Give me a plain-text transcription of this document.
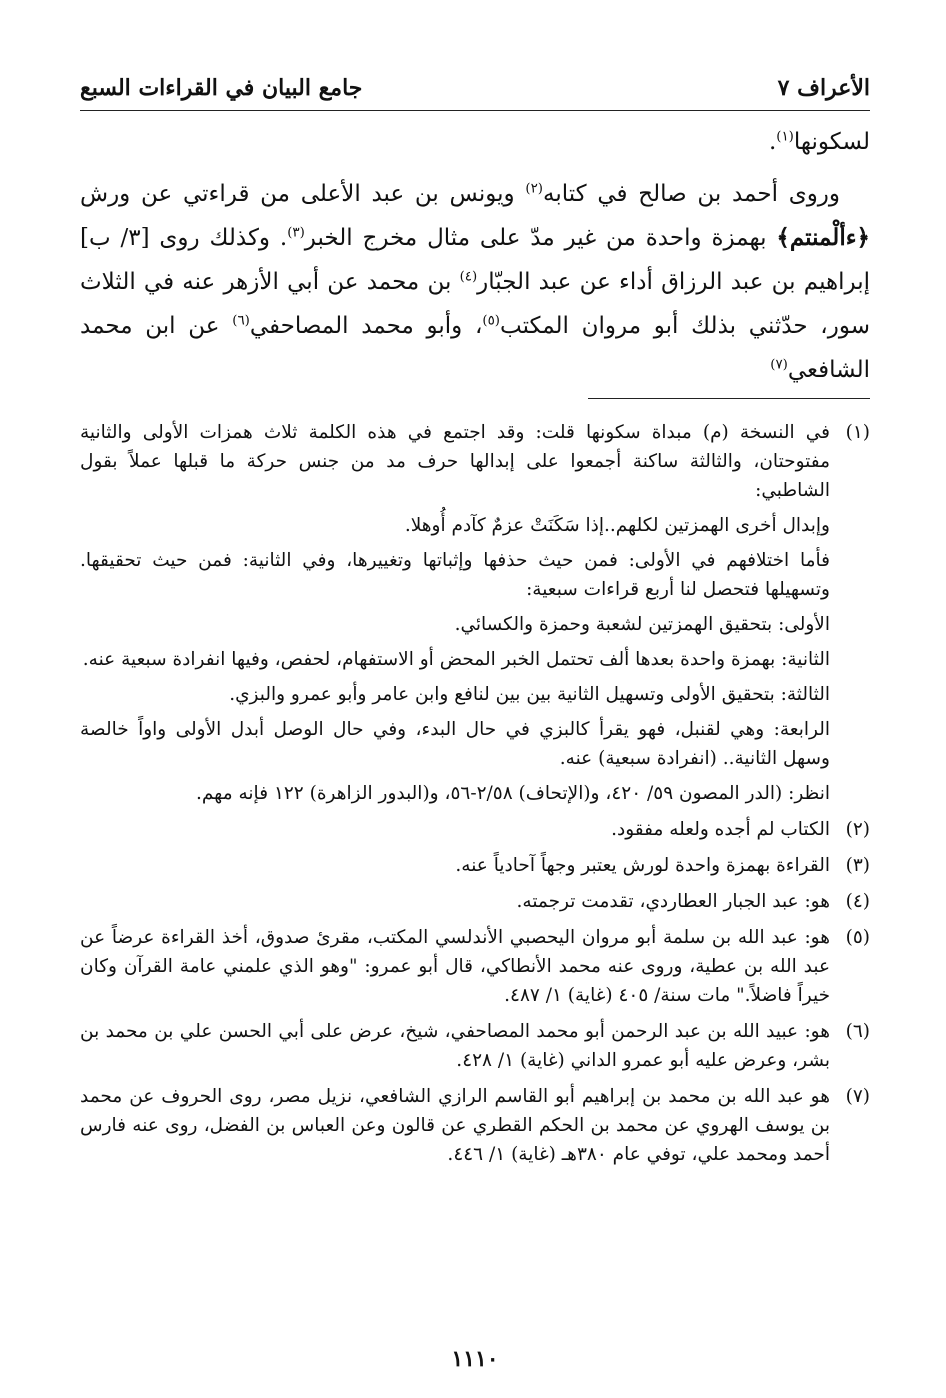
الأعراف ٧
جامع البيان في القراءات السبع

لسكونها$^{(١)}$.

وروى أحمد بن صالح في كتابه$^{(٢)}$ ويونس بن عبد الأعلى من قراءتي عن ورش ﴿ءألْمنتم﴾ بهمزة واحدة من غير مدّ على مثال مخرج الخبر$^{(٣)}$. وكذلك روى [٣/ ب] إبراهيم بن عبد الرزاق أداء عن عبد الجبّار$^{(٤)}$ بن محمد عن أبي الأزهر عنه في الثلاث سور، حدّثني بذلك أبو مروان المكتب$^{(٥)}$، وأبو محمد المصاحفي$^{(٦)}$ عن ابن محمد الشافعي$^{(٧)}$

(١)

في النسخة (م) مبداة سكونها قلت: وقد اجتمع في هذه الكلمة ثلاث همزات الأولى والثانية مفتوحتان، والثالثة ساكنة أجمعوا على إبدالها حرف مد من جنس حركة ما قبلها عملاً بقول الشاطبي:

وإبدال أخرى الهمزتين لكلهم..إذا سَكَنَتْ عزمٌ كآدم أُوهلا.

فأما اختلافهم في الأولى: فمن حيث حذفها وإثباتها وتغييرها، وفي الثانية: فمن حيث تحقيقها. وتسهيلها فتحصل لنا أربع قراءات سبعية:

الأولى: بتحقيق الهمزتين لشعبة وحمزة والكسائي.

الثانية: بهمزة واحدة بعدها ألف تحتمل الخبر المحض أو الاستفهام، لحفص، وفيها انفرادة سبعية عنه.

الثالثة: بتحقيق الأولى وتسهيل الثانية بين بين لنافع وابن عامر وأبو عمرو والبزي.

الرابعة: وهي لقنبل، فهو يقرأ كالبزي في حال البدء، وفي حال الوصل أبدل الأولى واواً خالصة وسهل الثانية.. (انفرادة سبعية) عنه.

انظر: (الدر المصون ٥٩/ ٤٢٠، و(الإتحاف) ٢/٥٨-٥٦، و(البدور الزاهرة) ١٢٢ فإنه مهم.

(٢)

الكتاب لم أجده ولعله مفقود.

(٣)

القراءة بهمزة واحدة لورش يعتبر وجهاً آحادياً عنه.

(٤)

هو: عبد الجبار العطاردي، تقدمت ترجمته.

(٥)

هو: عبد الله بن سلمة أبو مروان اليحصبي الأندلسي المكتب، مقرئ صدوق، أخذ القراءة عرضاً عن عبد الله بن عطية، وروى عنه محمد الأنطاكي، قال أبو عمرو: "وهو الذي علمني عامة القرآن وكان خيراً فاضلاً." مات سنة/ ٤٠٥ (غاية) ١/ ٤٨٧.

(٦)

هو: عبيد الله بن عبد الرحمن أبو محمد المصاحفي، شيخ، عرض على أبي الحسن علي بن محمد بن بشر، وعرض عليه أبو عمرو الداني (غاية) ١/ ٤٢٨.

(٧)

هو عبد الله بن محمد بن إبراهيم أبو القاسم الرازي الشافعي، نزيل مصر، روى الحروف عن محمد بن يوسف الهروي عن محمد بن الحكم القطري عن قالون وعن العباس بن الفضل، روى عنه فارس أحمد ومحمد علي، توفي عام ٣٨٠هـ (غاية) ١/ ٤٤٦.

١١١٠
